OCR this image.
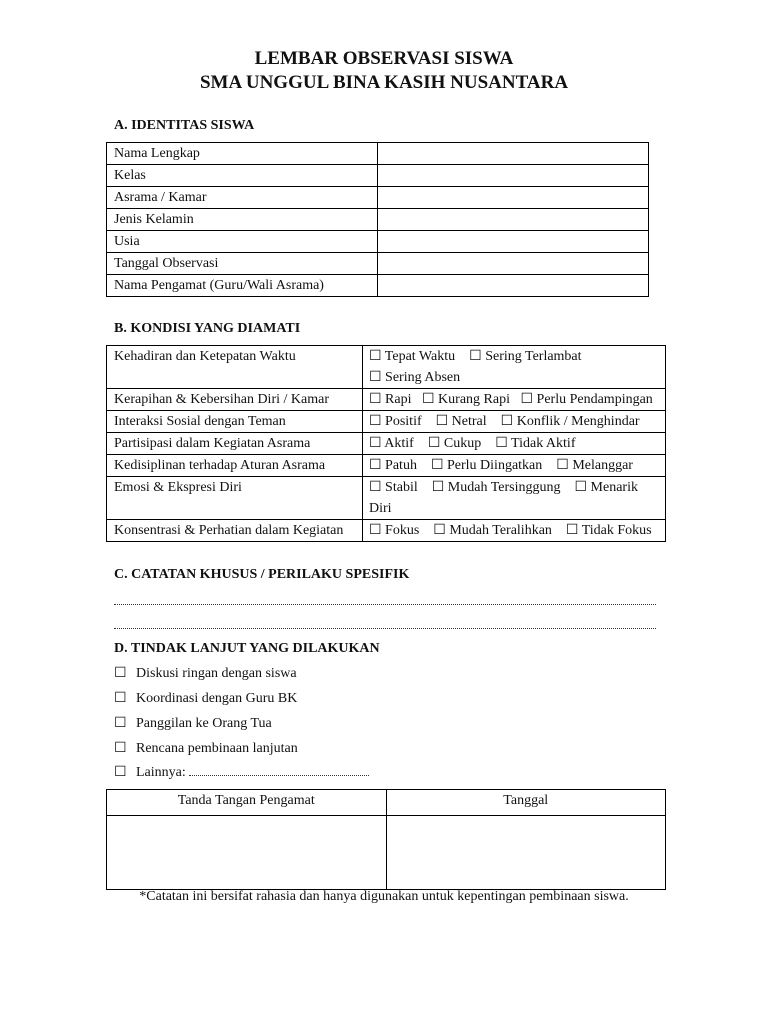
LEMBAR OBSERVASI SISWA
SMA UNGGUL BINA KASIH NUSANTARA
A. IDENTITAS SISWA
Nama Lengkap	
Kelas	
Asrama / Kamar	
Jenis Kelamin	
Usia	
Tanggal Observasi	
Nama Pengamat (Guru/Wali Asrama)	
B. KONDISI YANG DIAMATI
Kehadiran dan Ketepatan Waktu	☐ Tepat Waktu ☐ Sering Terlambat
☐ Sering Absen
Kerapihan & Kebersihan Diri / Kamar	☐ Rapi ☐ Kurang Rapi ☐ Perlu Pendampingan
Interaksi Sosial dengan Teman	☐ Positif ☐ Netral ☐ Konflik / Menghindar
Partisipasi dalam Kegiatan Asrama	☐ Aktif ☐ Cukup ☐ Tidak Aktif
Kedisiplinan terhadap Aturan Asrama	☐ Patuh ☐ Perlu Diingatkan ☐ Melanggar
Emosi & Ekspresi Diri	☐ Stabil ☐ Mudah Tersinggung ☐ Menarik Diri
Konsentrasi & Perhatian dalam Kegiatan	☐ Fokus ☐ Mudah Teralihkan ☐ Tidak Fokus
C. CATATAN KHUSUS / PERILAKU SPESIFIK
D. TINDAK LANJUT YANG DILAKUKAN
☐ Diskusi ringan dengan siswa
☐ Koordinasi dengan Guru BK
☐ Panggilan ke Orang Tua
☐ Rencana pembinaan lanjutan
☐ Lainnya:
Tanda Tangan Pengamat	Tanggal

*Catatan ini bersifat rahasia dan hanya digunakan untuk kepentingan pembinaan siswa.
